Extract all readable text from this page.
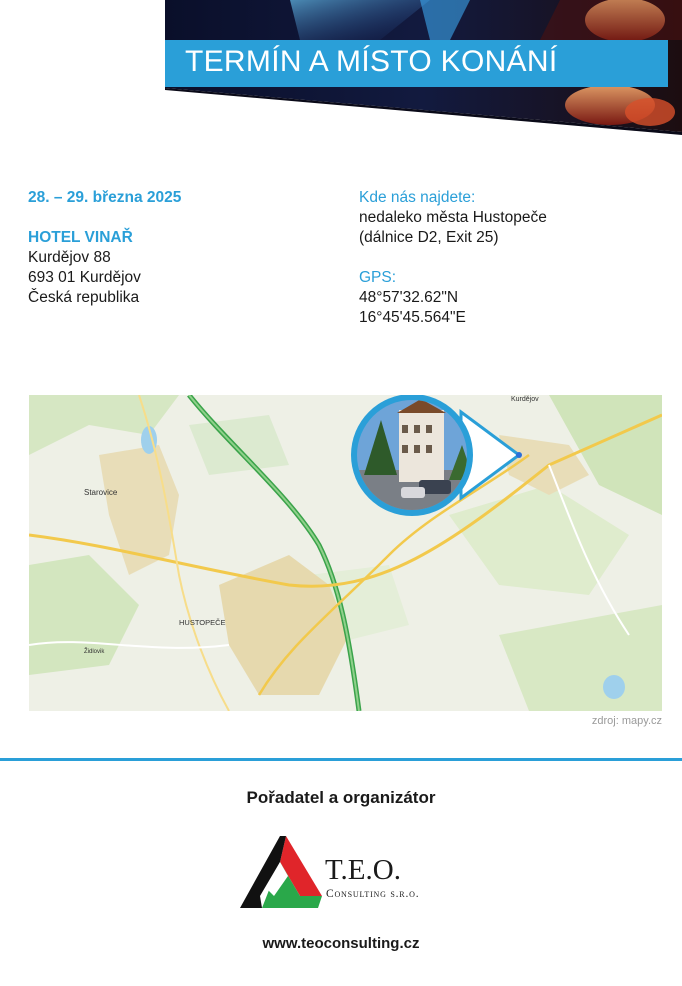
TERMÍN A MÍSTO KONÁNÍ
28. – 29. března 2025
HOTEL VINAŘ
Kurdějov 88
693 01 Kurdějov
Česká republika
Kde nás najdete:
nedaleko města Hustopeče
(dálnice D2, Exit 25)
GPS:
48°57'32.62"N
16°45'45.564"E
Starovice
HUSTOPEČE
Kurdějov
Židlovik
zdroj: mapy.cz
Pořadatel a organizátor
T.E.O.
Consulting s.r.o.
www.teoconsulting.cz
